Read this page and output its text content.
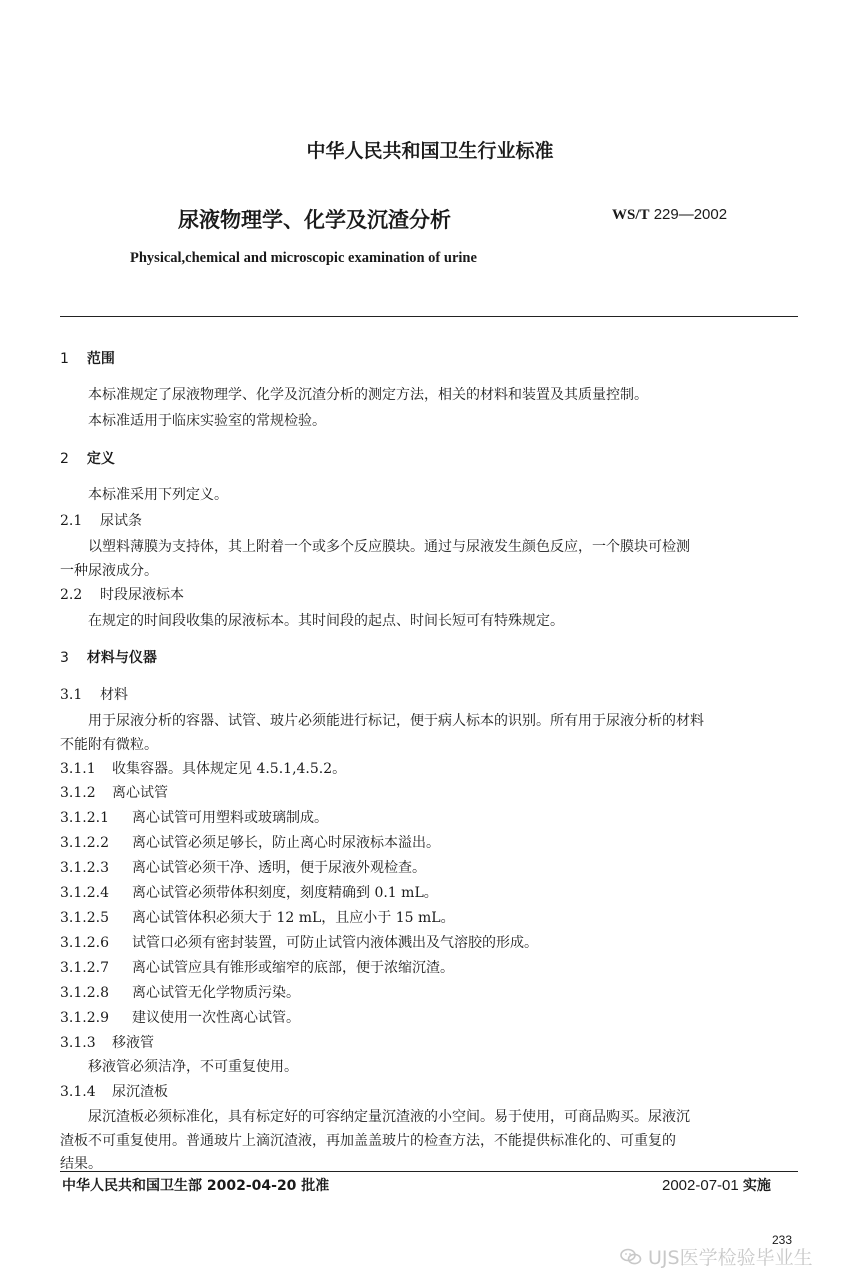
中华人民共和国卫生行业标准
尿液物理学、化学及沉渣分析	WS/T 229—2002
Physical,chemical and microscopic examination of urine
1 范围
本标准规定了尿液物理学、化学及沉渣分析的测定方法，相关的材料和装置及其质量控制。
本标准适用于临床实验室的常规检验。
2 定义
本标准采用下列定义。
2.1 尿试条
以塑料薄膜为支持体，其上附着一个或多个反应膜块。通过与尿液发生颜色反应，一个膜块可检测
一种尿液成分。
2.2 时段尿液标本
在规定的时间段收集的尿液标本。其时间段的起点、时间长短可有特殊规定。
3 材料与仪器
3.1 材料
用于尿液分析的容器、试管、玻片必须能进行标记，便于病人标本的识别。所有用于尿液分析的材料
不能附有微粒。
3.1.1 收集容器。具体规定见 4.5.1,4.5.2。
3.1.2 离心试管
3.1.2.1 离心试管可用塑料或玻璃制成。
3.1.2.2 离心试管必须足够长，防止离心时尿液标本溢出。
3.1.2.3 离心试管必须干净、透明，便于尿液外观检查。
3.1.2.4 离心试管必须带体积刻度，刻度精确到 0.1 mL。
3.1.2.5 离心试管体积必须大于 12 mL，且应小于 15 mL。
3.1.2.6 试管口必须有密封装置，可防止试管内液体溅出及气溶胶的形成。
3.1.2.7 离心试管应具有锥形或缩窄的底部，便于浓缩沉渣。
3.1.2.8 离心试管无化学物质污染。
3.1.2.9 建议使用一次性离心试管。
3.1.3 移液管
移液管必须洁净，不可重复使用。
3.1.4 尿沉渣板
尿沉渣板必须标准化，具有标定好的可容纳定量沉渣液的小空间。易于使用，可商品购买。尿液沉
渣板不可重复使用。普通玻片上滴沉渣液，再加盖盖玻片的检查方法，不能提供标准化的、可重复的
结果。
中华人民共和国卫生部 2002-04-20 批准	2002-07-01 实施
233
UJS医学检验毕业生
